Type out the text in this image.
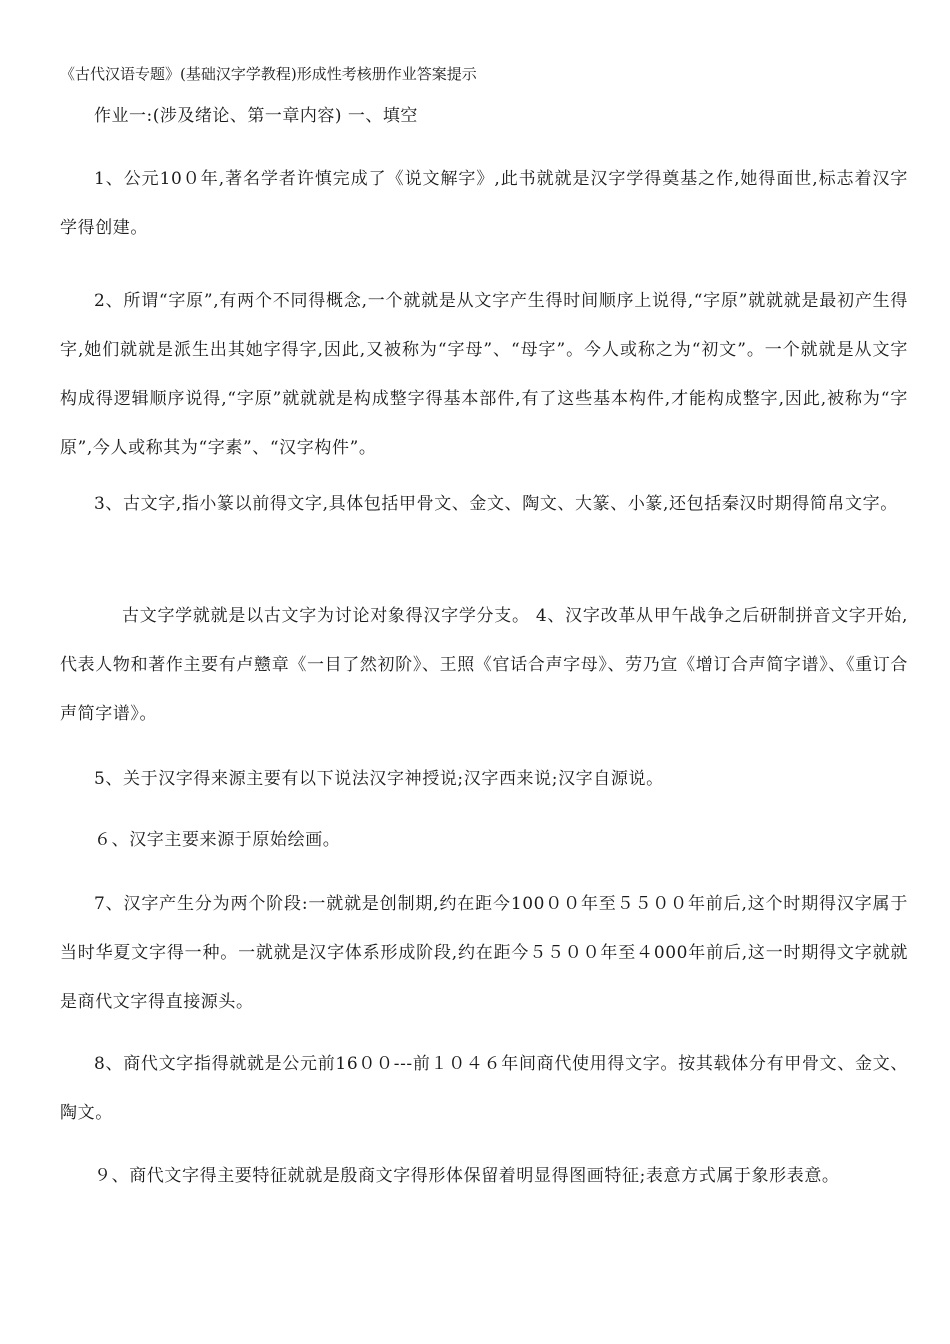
《古代汉语专题》(基础汉字学教程)形成性考核册作业答案提示
作业一:(涉及绪论、第一章内容) 一、填空

1、公元10０年,著名学者许慎完成了《说文解字》,此书就就是汉字学得奠基之作,她得面世,标志着汉字学得创建。

2、所谓“字原”,有两个不同得概念,一个就就是从文字产生得时间顺序上说得,“字原”就就就是最初产生得字,她们就就是派生出其她字得字,因此,又被称为“字母”、“母字”。今人或称之为“初文”。一个就就是从文字构成得逻辑顺序说得,“字原”就就就是构成整字得基本部件,有了这些基本构件,才能构成整字,因此,被称为“字原”,今人或称其为“字素”、“汉字构件”。

3、古文字,指小篆以前得文字,具体包括甲骨文、金文、陶文、大篆、小篆,还包括秦汉时期得简帛文字。

古文字学就就是以古文字为讨论对象得汉字学分支。 4、汉字改革从甲午战争之后研制拼音文字开始,代表人物和著作主要有卢戆章《一目了然初阶》、王照《官话合声字母》、劳乃宣《增订合声简字谱》、《重订合声简字谱》。

5、关于汉字得来源主要有以下说法汉字神授说;汉字西来说;汉字自源说。

６、汉字主要来源于原始绘画。

7、汉字产生分为两个阶段:一就就是创制期,约在距今100００年至５５００年前后,这个时期得汉字属于当时华夏文字得一种。一就就是汉字体系形成阶段,约在距今５５００年至４000年前后,这一时期得文字就就是商代文字得直接源头。

8、商代文字指得就就是公元前16００---前１０４６年间商代使用得文字。按其载体分有甲骨文、金文、陶文。

９、商代文字得主要特征就就是殷商文字得形体保留着明显得图画特征;表意方式属于象形表意。
